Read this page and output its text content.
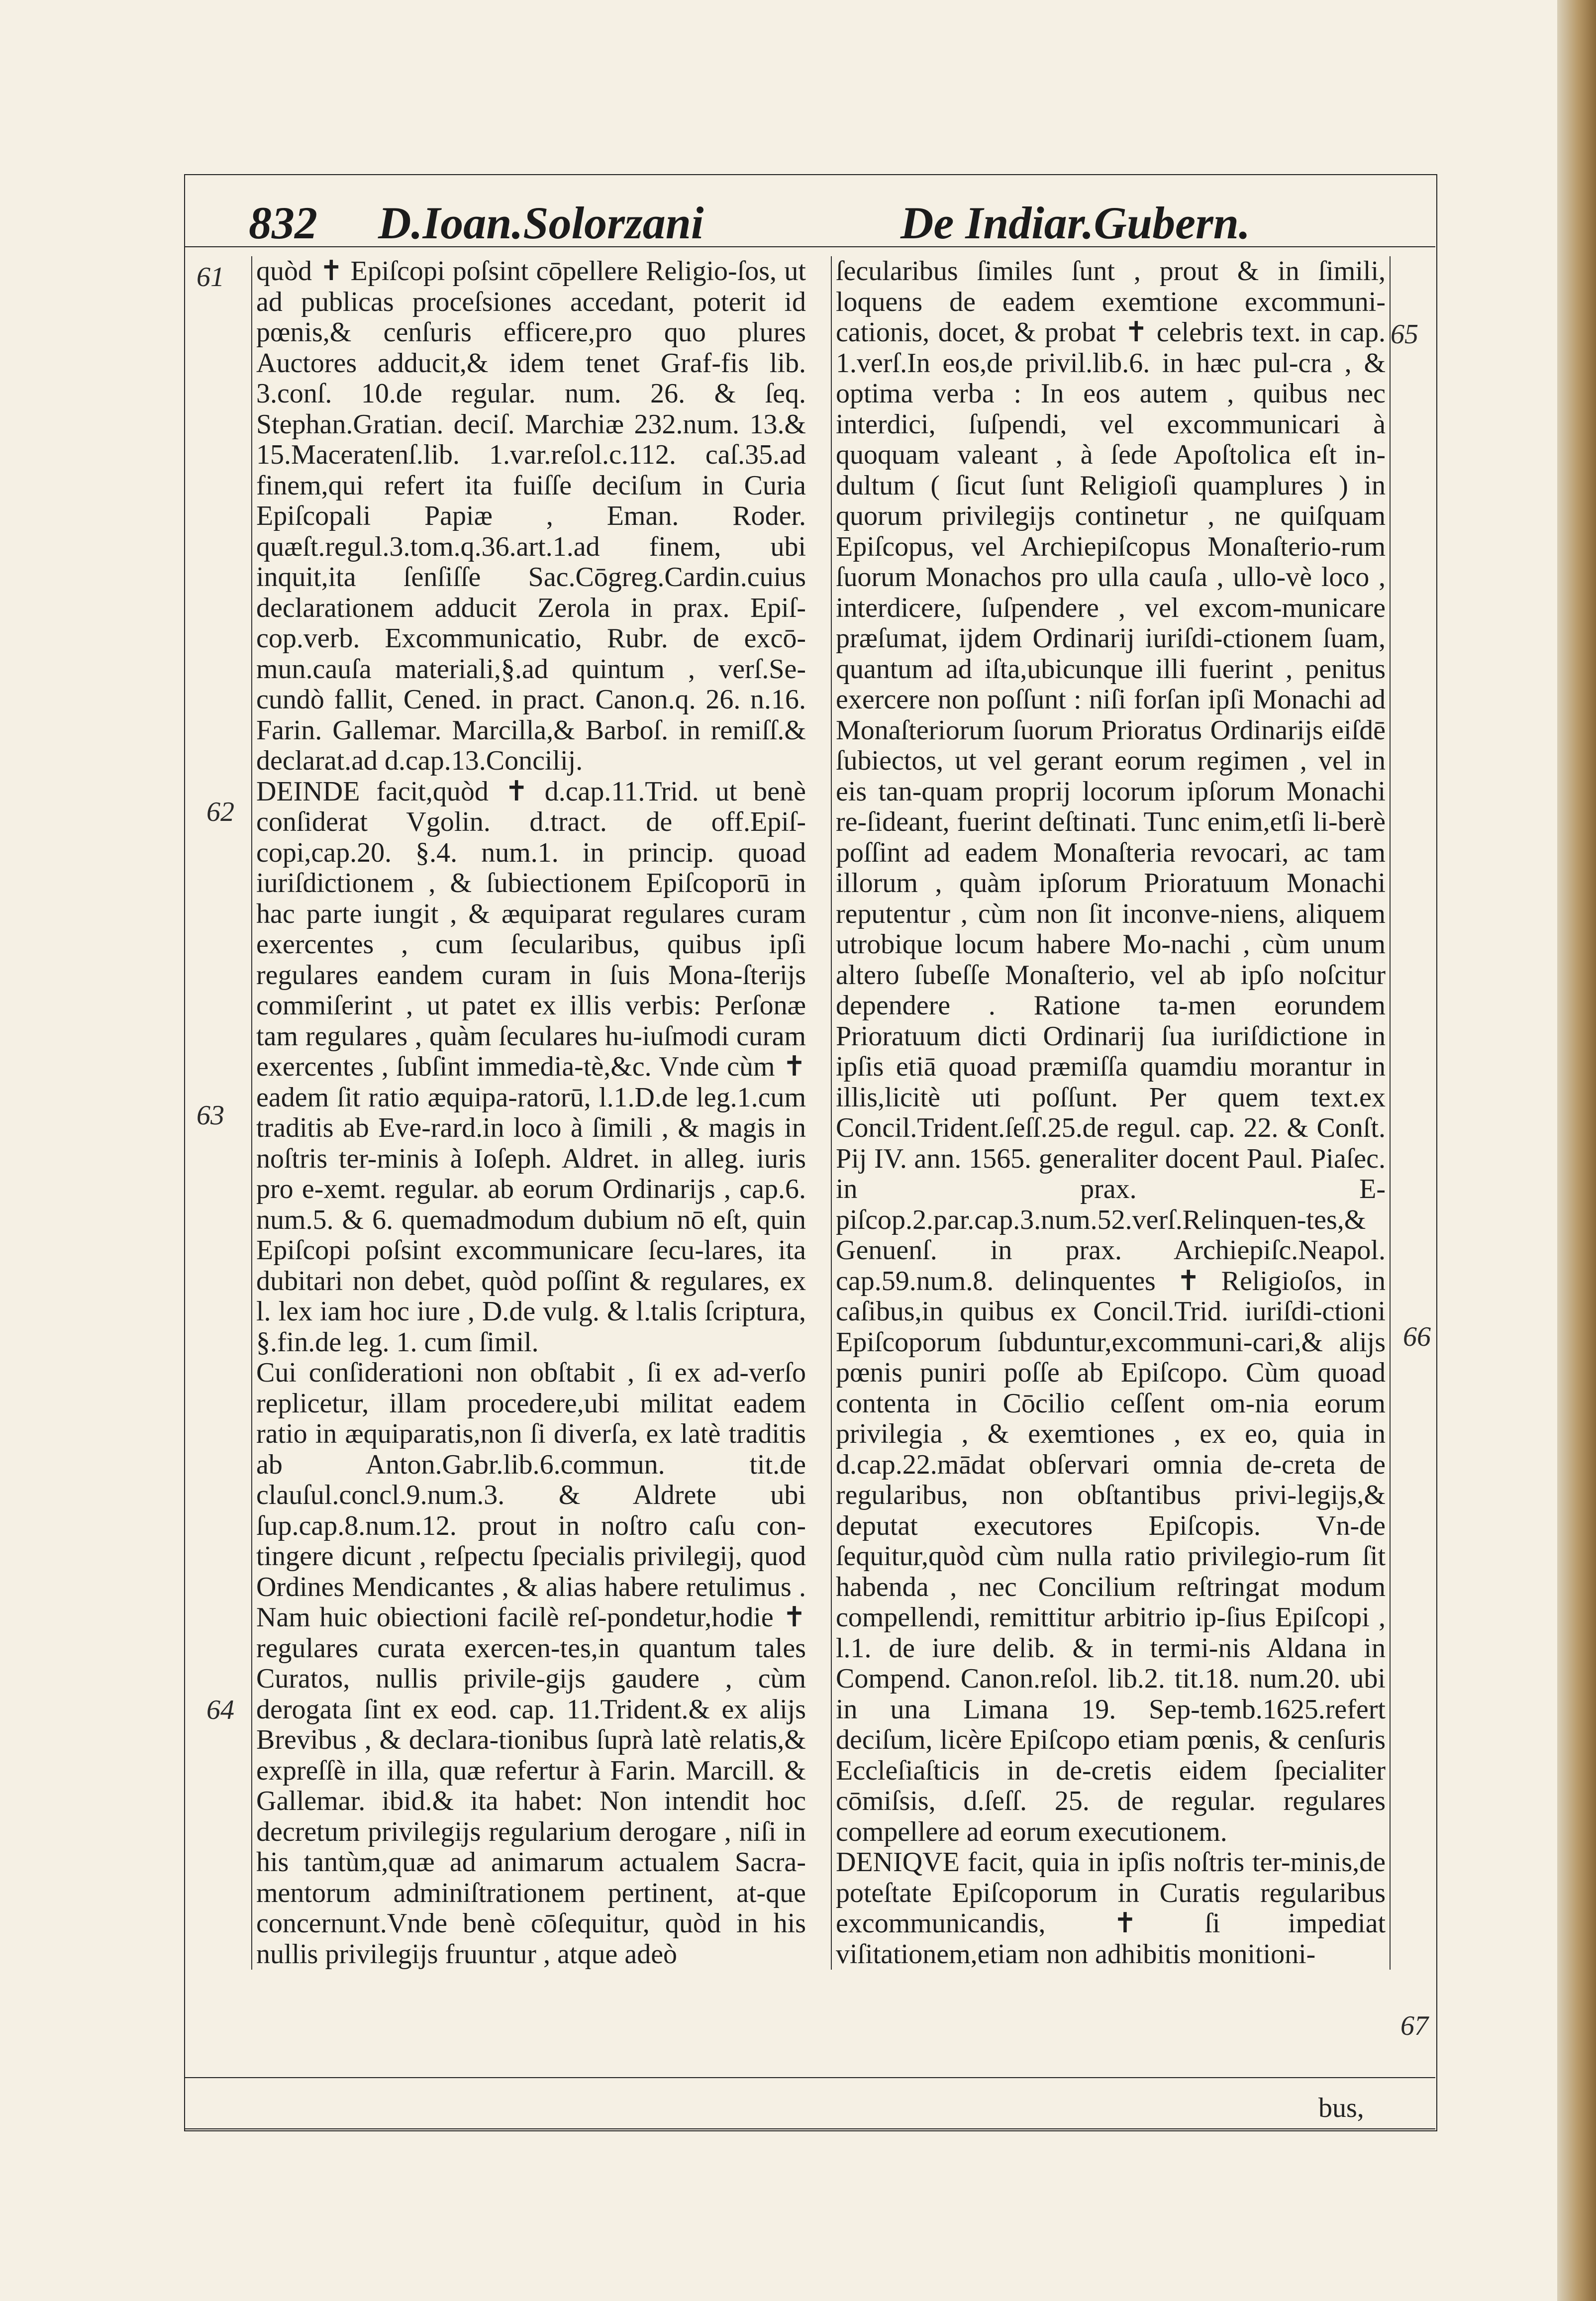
832 D.Ioan.Solorzani	De Indiar.Gubern.
61
62
63
64
65
66
67

quòd ✝ Epiſcopi poſsint cōpellere Religio-ſos, ut ad publicas proceſsiones accedant, poterit id pœnis,& cenſuris efficere,pro quo plures Auctores adducit,& idem tenet Graf-fis lib. 3.conſ. 10.de regular. num. 26. & ſeq. Stephan.Gratian. deciſ. Marchiæ 232.num. 13.& 15.Maceratenſ.lib. 1.var.reſol.c.112. caſ.35.ad finem,qui refert ita fuiſſe deciſum in Curia Epiſcopali Papiæ , Eman. Roder. quæſt.regul.3.tom.q.36.art.1.ad finem, ubi inquit,ita ſenſiſſe Sac.Cōgreg.Cardin.cuius declarationem adducit Zerola in prax. Epiſ-cop.verb. Excommunicatio, Rubr. de excō-mun.cauſa materiali,§.ad quintum , verſ.Se-cundò fallit, Cened. in pract. Canon.q. 26. n.16. Farin. Gallemar. Marcilla,& Barboſ. in remiſſ.& declarat.ad d.cap.13.Concilij.

DEINDE facit,quòd ✝ d.cap.11.Trid. ut benè conſiderat Vgolin. d.tract. de off.Epiſ-copi,cap.20. §.4. num.1. in princip. quoad iuriſdictionem , & ſubiectionem Epiſcoporū in hac parte iungit , & æquiparat regulares curam exercentes , cum ſecularibus, quibus ipſi regulares eandem curam in ſuis Mona-ſterijs commiſerint , ut patet ex illis verbis: Perſonæ tam regulares , quàm ſeculares hu-iuſmodi curam exercentes , ſubſint immedia-tè,&c. Vnde cùm ✝ eadem ſit ratio æquipa-ratorū, l.1.D.de leg.1.cum traditis ab Eve-rard.in loco à ſimili , & magis in noſtris ter-minis à Ioſeph. Aldret. in alleg. iuris pro e-xemt. regular. ab eorum Ordinarijs , cap.6. num.5. & 6. quemadmodum dubium nō eſt, quin Epiſcopi poſsint excommunicare ſecu-lares, ita dubitari non debet, quòd poſſint & regulares, ex l. lex iam hoc iure , D.de vulg. & l.talis ſcriptura, §.fin.de leg. 1. cum ſimil.

Cui conſiderationi non obſtabit , ſi ex ad-verſo replicetur, illam procedere,ubi militat eadem ratio in æquiparatis,non ſi diverſa, ex latè traditis ab Anton.Gabr.lib.6.commun. tit.de clauſul.concl.9.num.3. & Aldrete ubi ſup.cap.8.num.12. prout in noſtro caſu con-tingere dicunt , reſpectu ſpecialis privilegij, quod Ordines Mendicantes , & alias habere retulimus . Nam huic obiectioni facilè reſ-pondetur,hodie ✝ regulares curata exercen-tes,in quantum tales Curatos, nullis privile-gijs gaudere , cùm derogata ſint ex eod. cap. 11.Trident.& ex alijs Brevibus , & declara-tionibus ſuprà latè relatis,& expreſſè in illa, quæ refertur à Farin. Marcill. & Gallemar. ibid.& ita habet: Non intendit hoc decretum privilegijs regularium derogare , niſi in his tantùm,quæ ad animarum actualem Sacra-mentorum adminiſtrationem pertinent, at-que concernunt.Vnde benè cōſequitur, quòd in his nullis privilegijs fruuntur , atque adeò

ſecularibus ſimiles ſunt , prout & in ſimili, loquens de eadem exemtione excommuni-cationis, docet, & probat ✝ celebris text. in cap. 1.verſ.In eos,de privil.lib.6. in hæc pul-cra , & optima verba : In eos autem , quibus nec interdici, ſuſpendi, vel excommunicari à quoquam valeant , à ſede Apoſtolica eſt in-dultum ( ſicut ſunt Religioſi quamplures ) in quorum privilegijs continetur , ne quiſquam Epiſcopus, vel Archiepiſcopus Monaſterio-rum ſuorum Monachos pro ulla cauſa , ullo-vè loco , interdicere, ſuſpendere , vel excom-municare præſumat, ijdem Ordinarij iuriſdi-ctionem ſuam, quantum ad iſta,ubicunque illi fuerint , penitus exercere non poſſunt : niſi forſan ipſi Monachi ad Monaſteriorum ſuorum Prioratus Ordinarijs eiſdē ſubiectos, ut vel gerant eorum regimen , vel in eis tan-quam proprij locorum ipſorum Monachi re-ſideant, fuerint deſtinati. Tunc enim,etſi li-berè poſſint ad eadem Monaſteria revocari, ac tam illorum , quàm ipſorum Prioratuum Monachi reputentur , cùm non ſit inconve-niens, aliquem utrobique locum habere Mo-nachi , cùm unum altero ſubeſſe Monaſterio, vel ab ipſo noſcitur dependere . Ratione ta-men eorundem Prioratuum dicti Ordinarij ſua iuriſdictione in ipſis etiā quoad præmiſſa quamdiu morantur in illis,licitè uti poſſunt. Per quem text.ex Concil.Trident.ſeſſ.25.de regul. cap. 22. & Conſt. Pij IV. ann. 1565. generaliter docent Paul. Piaſec. in prax. E-piſcop.2.par.cap.3.num.52.verſ.Relinquen-tes,& Genuenſ. in prax. Archiepiſc.Neapol. cap.59.num.8. delinquentes ✝ Religioſos, in caſibus,in quibus ex Concil.Trid. iuriſdi-ctioni Epiſcoporum ſubduntur,excommuni-cari,& alijs pœnis puniri poſſe ab Epiſcopo. Cùm quoad contenta in Cōcilio ceſſent om-nia eorum privilegia , & exemtiones , ex eo, quia in d.cap.22.mādat obſervari omnia de-creta de regularibus, non obſtantibus privi-legijs,& deputat executores Epiſcopis. Vn-de ſequitur,quòd cùm nulla ratio privilegio-rum ſit habenda , nec Concilium reſtringat modum compellendi, remittitur arbitrio ip-ſius Epiſcopi , l.1. de iure delib. & in termi-nis Aldana in Compend. Canon.reſol. lib.2. tit.18. num.20. ubi in una Limana 19. Sep-temb.1625.refert deciſum, licère Epiſcopo etiam pœnis, & cenſuris Eccleſiaſticis in de-cretis eidem ſpecialiter cōmiſsis, d.ſeſſ. 25. de regular. regulares compellere ad eorum executionem.

DENIQVE facit, quia in ipſis noſtris ter-minis,de poteſtate Epiſcoporum in Curatis regularibus excommunicandis, ✝ ſi impediat viſitationem,etiam non adhibitis monitioni-

bus,
